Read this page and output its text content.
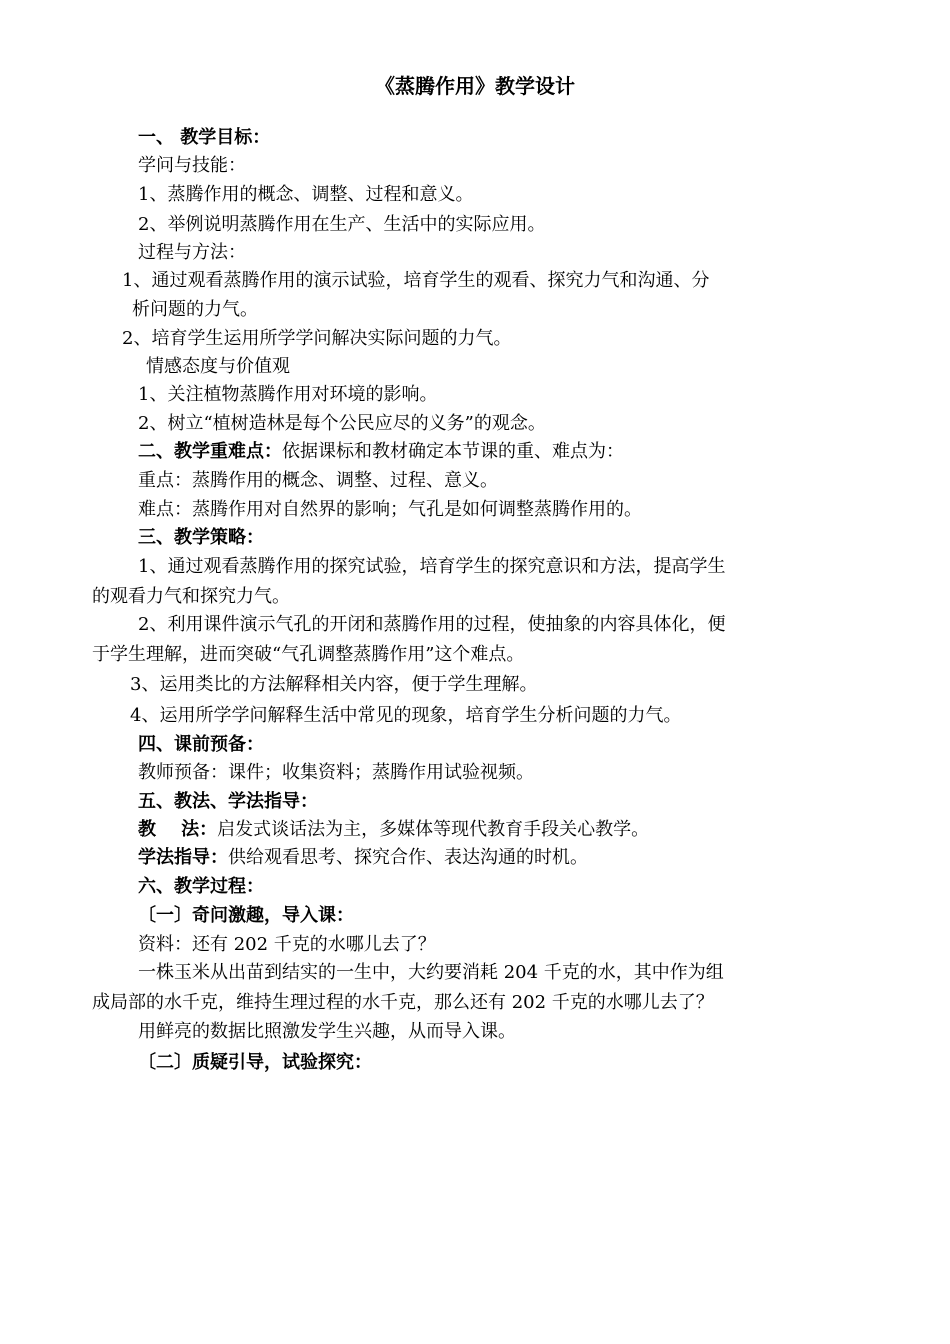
《蒸腾作用》教学设计
一、 教学目标：
学问与技能：
1、蒸腾作用的概念、调整、过程和意义。
2、举例说明蒸腾作用在生产、生活中的实际应用。
过程与方法：
1、通过观看蒸腾作用的演示试验，培育学生的观看、探究力气和沟通、分
析问题的力气。
2、培育学生运用所学学问解决实际问题的力气。
情感态度与价值观
1、关注植物蒸腾作用对环境的影响。
2、树立“植树造林是每个公民应尽的义务”的观念。
二、教学重难点：依据课标和教材确定本节课的重、难点为：
重点：蒸腾作用的概念、调整、过程、意义。
难点：蒸腾作用对自然界的影响；气孔是如何调整蒸腾作用的。
三、教学策略：
1、通过观看蒸腾作用的探究试验，培育学生的探究意识和方法，提高学生
的观看力气和探究力气。
2、利用课件演示气孔的开闭和蒸腾作用的过程，使抽象的内容具体化，便
于学生理解，进而突破“气孔调整蒸腾作用”这个难点。
3、运用类比的方法解释相关内容，便于学生理解。
4、运用所学学问解释生活中常见的现象，培育学生分析问题的力气。
四、课前预备：
教师预备：课件；收集资料；蒸腾作用试验视频。
五、教法、学法指导：
教    法：启发式谈话法为主，多媒体等现代教育手段关心教学。
学法指导：供给观看思考、探究合作、表达沟通的时机。
六、教学过程：
〔一〕奇问激趣，导入课：
资料：还有 202 千克的水哪儿去了？
一株玉米从出苗到结实的一生中，大约要消耗 204 千克的水，其中作为组
成局部的水千克，维持生理过程的水千克，那么还有 202 千克的水哪儿去了？
用鲜亮的数据比照激发学生兴趣，从而导入课。
〔二〕质疑引导，试验探究：
